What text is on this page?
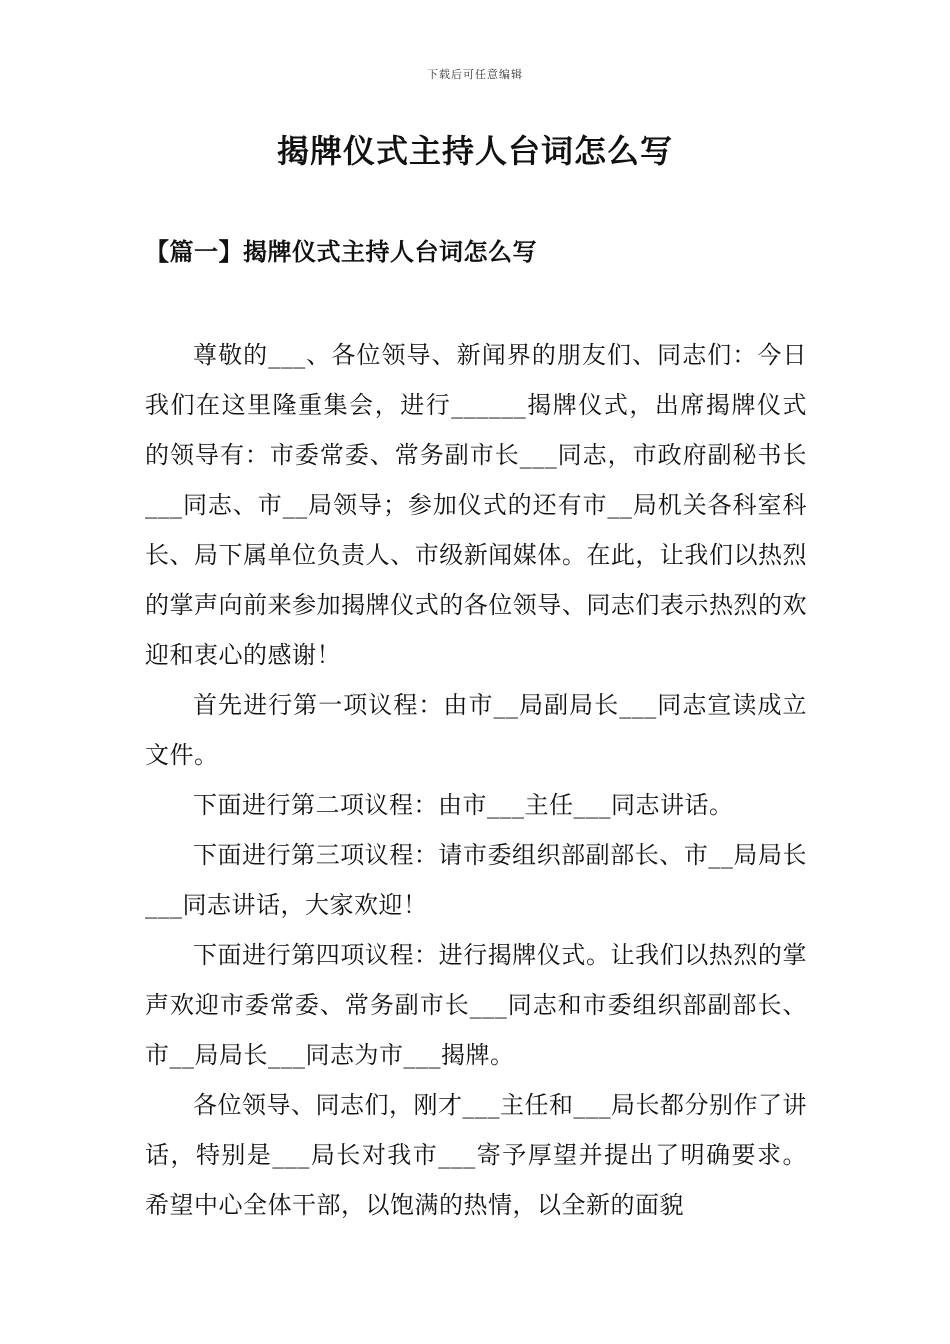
下载后可任意编辑
揭牌仪式主持人台词怎么写
【篇一】揭牌仪式主持人台词怎么写

尊敬的___、各位领导、新闻界的朋友们、同志们：今日我们在这里隆重集会，进行______揭牌仪式，出席揭牌仪式的领导有：市委常委、常务副市长___同志，市政府副秘书长___同志、市__局领导；参加仪式的还有市__局机关各科室科长、局下属单位负责人、市级新闻媒体。在此，让我们以热烈的掌声向前来参加揭牌仪式的各位领导、同志们表示热烈的欢迎和衷心的感谢！

首先进行第一项议程：由市__局副局长___同志宣读成立文件。

下面进行第二项议程：由市___主任___同志讲话。

下面进行第三项议程：请市委组织部副部长、市__局局长___同志讲话，大家欢迎！

下面进行第四项议程：进行揭牌仪式。让我们以热烈的掌声欢迎市委常委、常务副市长___同志和市委组织部副部长、市__局局长___同志为市___揭牌。

各位领导、同志们，刚才___主任和___局长都分别作了讲话，特别是___局长对我市___寄予厚望并提出了明确要求。希望中心全体干部，以饱满的热情，以全新的面貌
